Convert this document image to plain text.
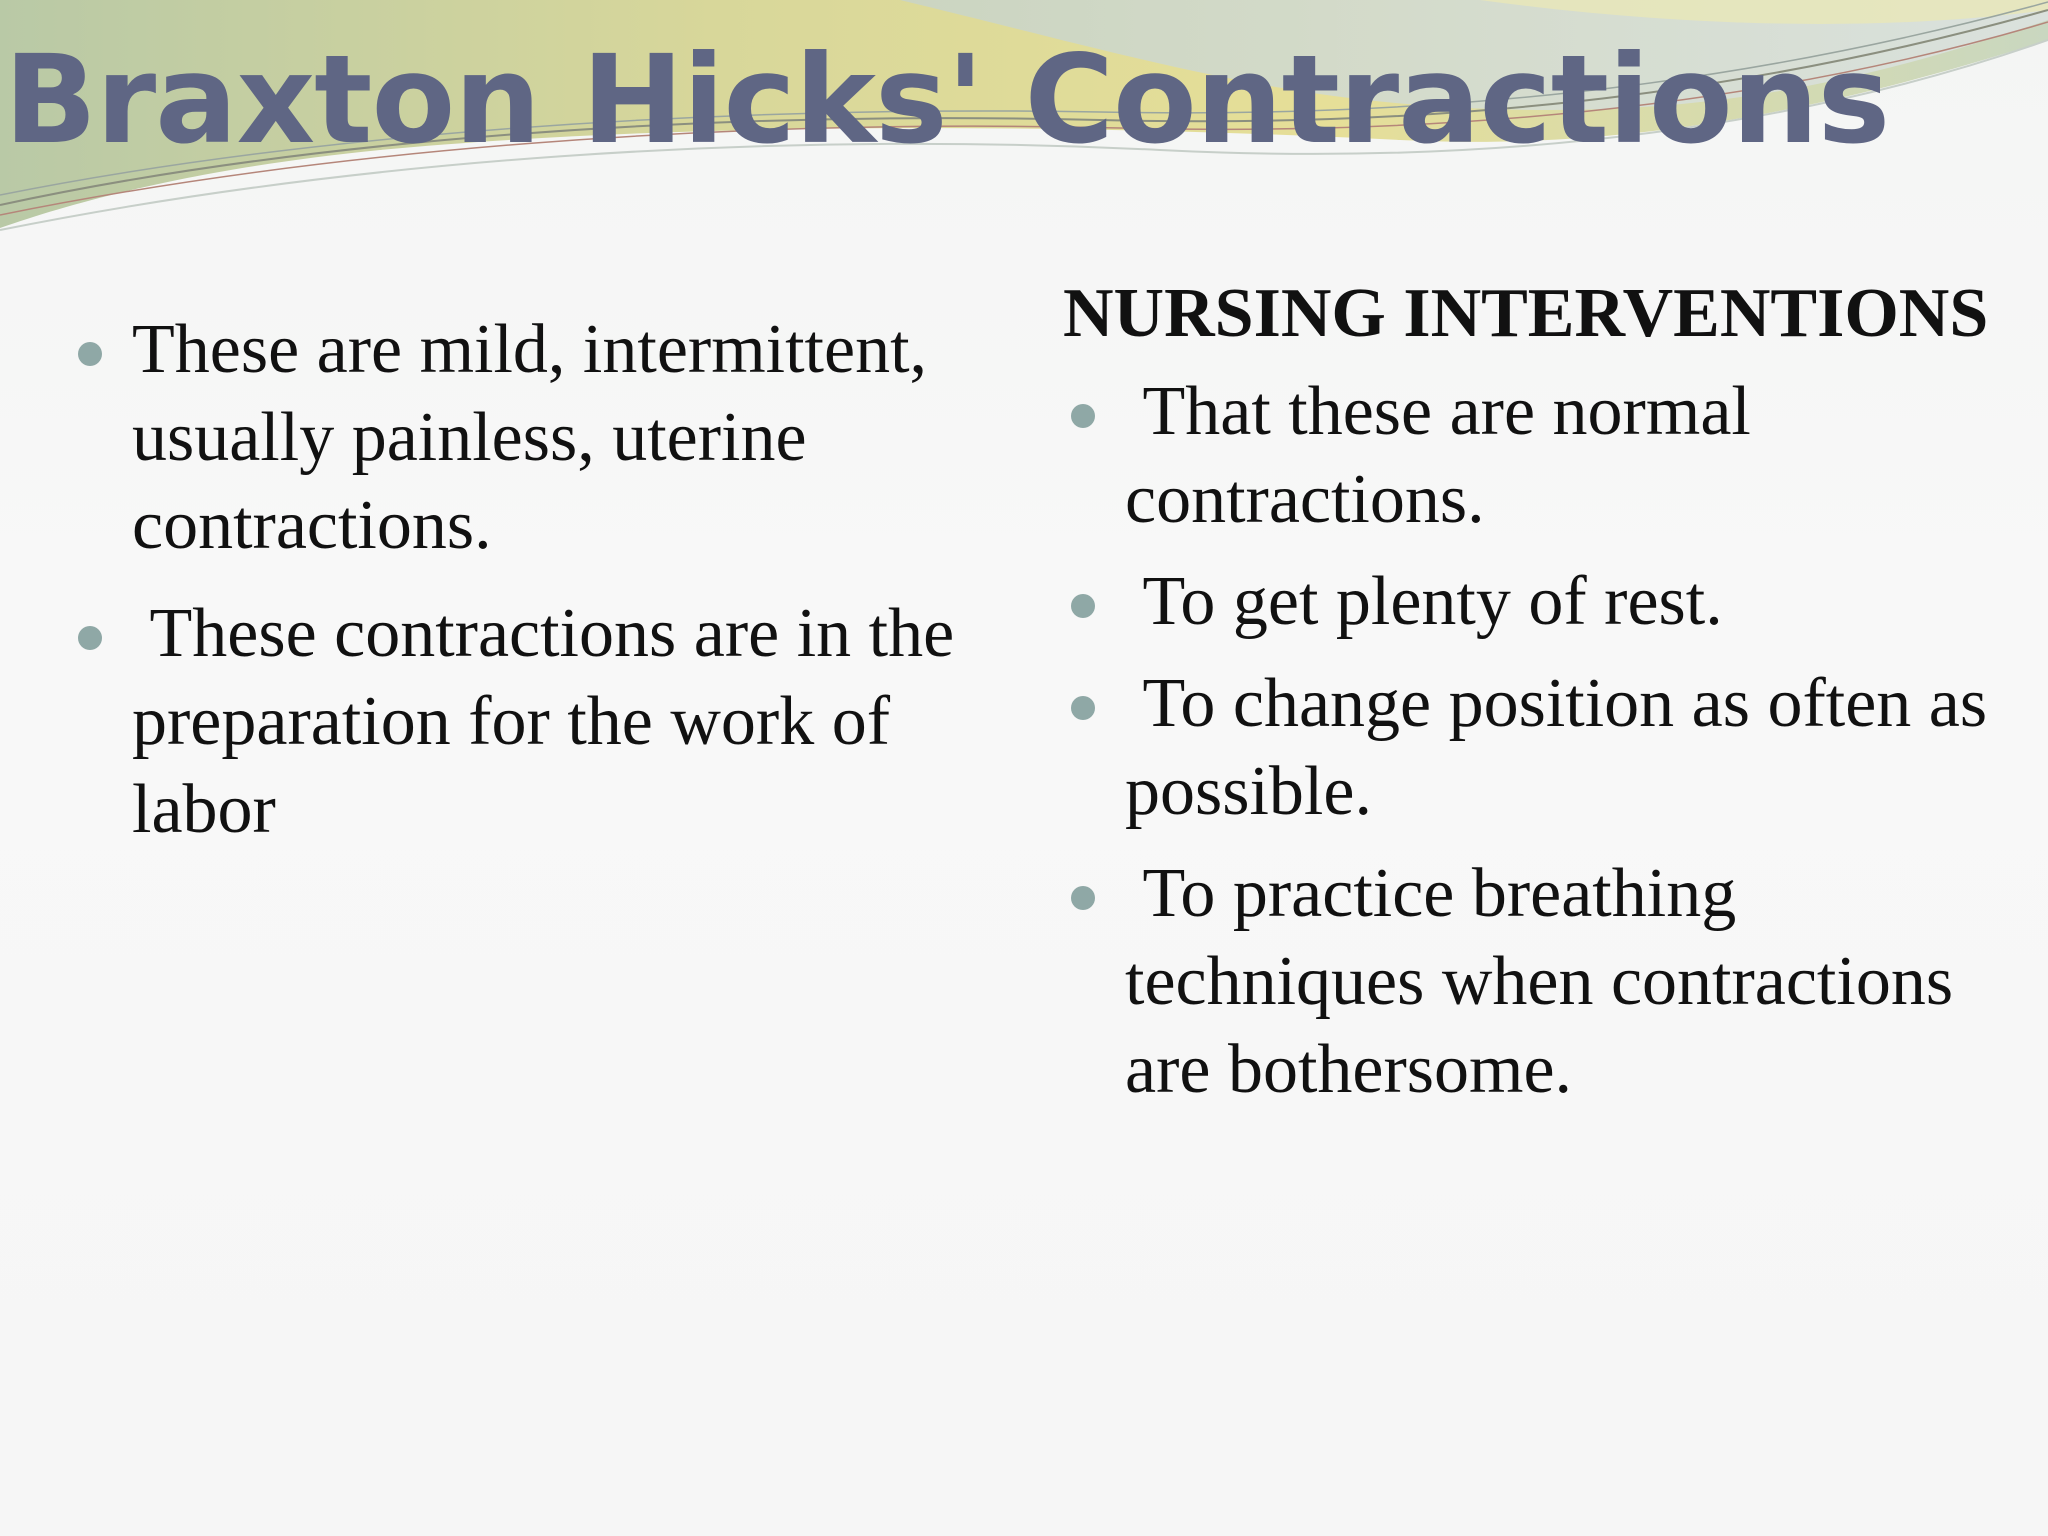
Braxton Hicks' Contractions
These are mild, intermittent, usually painless, uterine contractions.
These contractions are in the preparation for the work of labor
NURSING INTERVENTIONS
That these are normal contractions.
To get plenty of rest.
To change position as often as possible.
To practice breathing techniques when contractions are bothersome.
